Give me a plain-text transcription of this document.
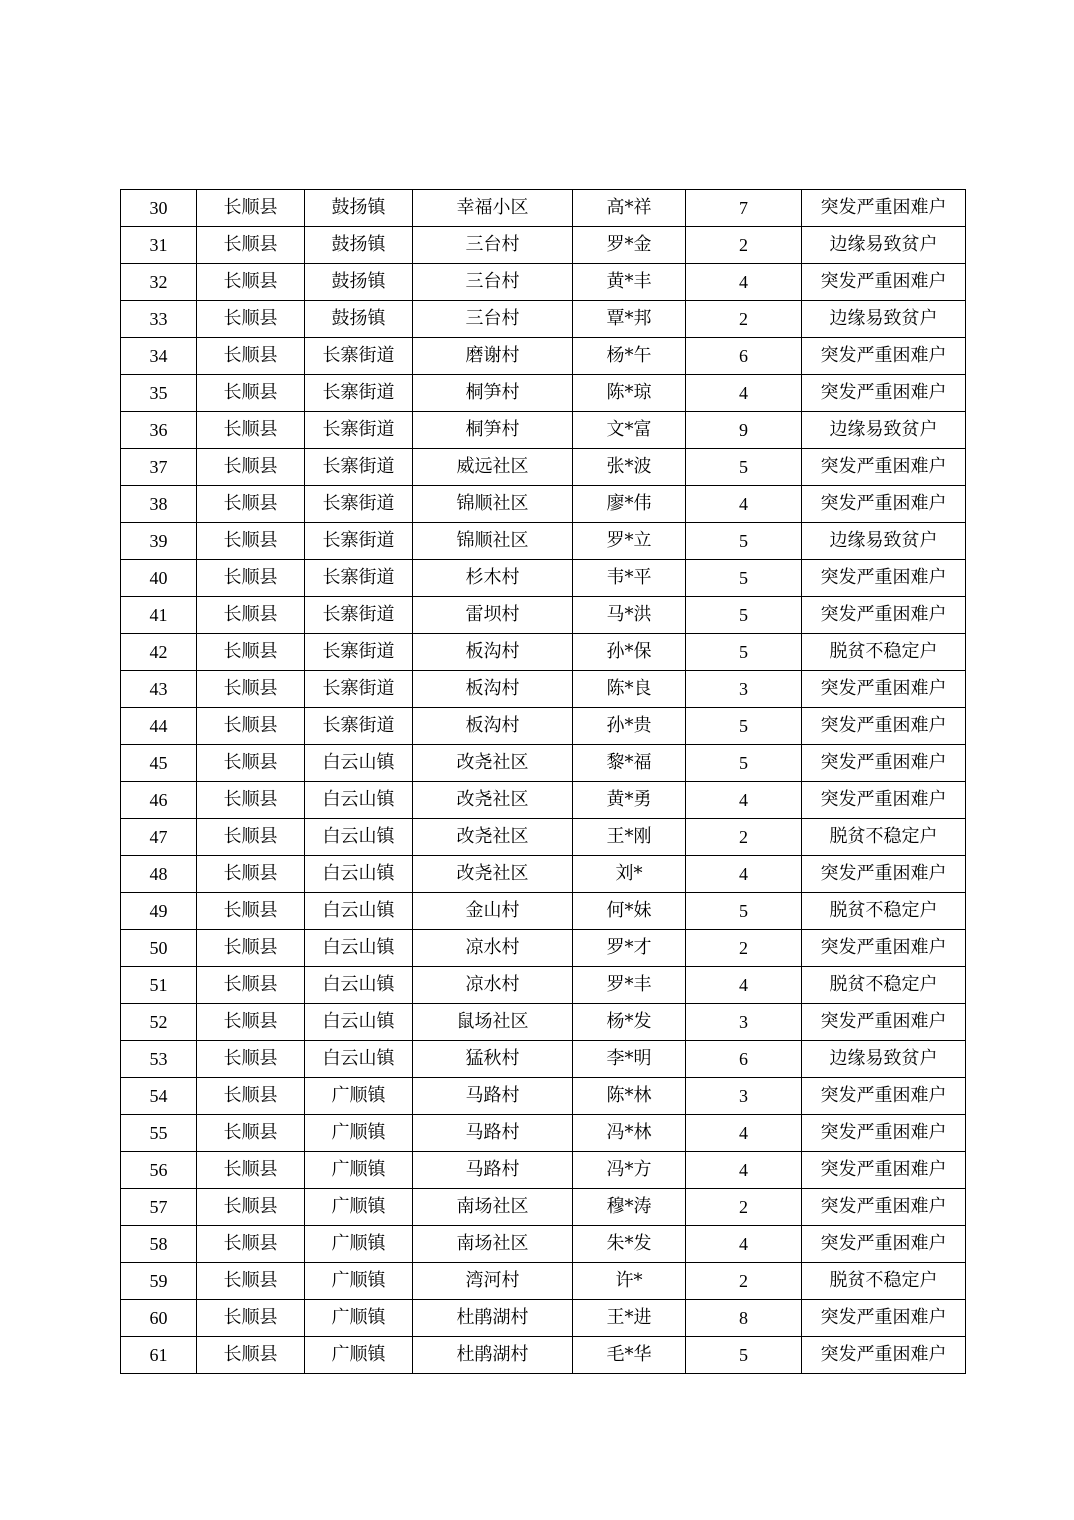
30	长顺县	鼓扬镇	幸福小区	高*祥	7	突发严重困难户
31	长顺县	鼓扬镇	三台村	罗*金	2	边缘易致贫户
32	长顺县	鼓扬镇	三台村	黄*丰	4	突发严重困难户
33	长顺县	鼓扬镇	三台村	覃*邦	2	边缘易致贫户
34	长顺县	长寨街道	磨谢村	杨*午	6	突发严重困难户
35	长顺县	长寨街道	桐笋村	陈*琼	4	突发严重困难户
36	长顺县	长寨街道	桐笋村	文*富	9	边缘易致贫户
37	长顺县	长寨街道	威远社区	张*波	5	突发严重困难户
38	长顺县	长寨街道	锦顺社区	廖*伟	4	突发严重困难户
39	长顺县	长寨街道	锦顺社区	罗*立	5	边缘易致贫户
40	长顺县	长寨街道	杉木村	韦*平	5	突发严重困难户
41	长顺县	长寨街道	雷坝村	马*洪	5	突发严重困难户
42	长顺县	长寨街道	板沟村	孙*保	5	脱贫不稳定户
43	长顺县	长寨街道	板沟村	陈*良	3	突发严重困难户
44	长顺县	长寨街道	板沟村	孙*贵	5	突发严重困难户
45	长顺县	白云山镇	改尧社区	黎*福	5	突发严重困难户
46	长顺县	白云山镇	改尧社区	黄*勇	4	突发严重困难户
47	长顺县	白云山镇	改尧社区	王*刚	2	脱贫不稳定户
48	长顺县	白云山镇	改尧社区	刘*	4	突发严重困难户
49	长顺县	白云山镇	金山村	何*妹	5	脱贫不稳定户
50	长顺县	白云山镇	凉水村	罗*才	2	突发严重困难户
51	长顺县	白云山镇	凉水村	罗*丰	4	脱贫不稳定户
52	长顺县	白云山镇	鼠场社区	杨*发	3	突发严重困难户
53	长顺县	白云山镇	猛秋村	李*明	6	边缘易致贫户
54	长顺县	广顺镇	马路村	陈*林	3	突发严重困难户
55	长顺县	广顺镇	马路村	冯*林	4	突发严重困难户
56	长顺县	广顺镇	马路村	冯*方	4	突发严重困难户
57	长顺县	广顺镇	南场社区	穆*涛	2	突发严重困难户
58	长顺县	广顺镇	南场社区	朱*发	4	突发严重困难户
59	长顺县	广顺镇	湾河村	许*	2	脱贫不稳定户
60	长顺县	广顺镇	杜鹃湖村	王*进	8	突发严重困难户
61	长顺县	广顺镇	杜鹃湖村	毛*华	5	突发严重困难户
